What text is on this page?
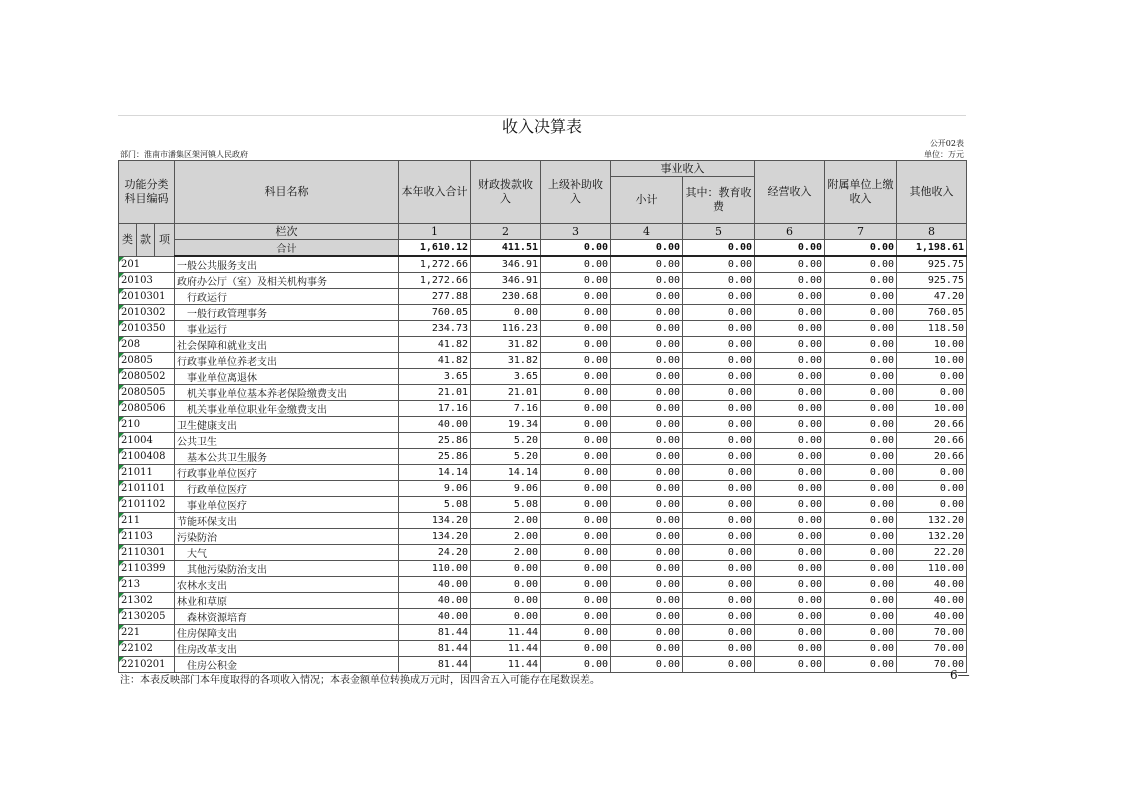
收入决算表
公开02表
部门：淮南市潘集区架河镇人民政府	单位：万元
功能分类科目编码			科目名称	本年收入合计	财政拨款收入	上级补助收入	事业收入		经营收入	附属单位上缴收入	其他收入
							小计	其中：教育收费			

类	款	项	栏次	1	2	3	4	5	6	7	8
			合计	1,610.12	411.51	0.00	0.00	0.00	0.00	0.00	1,198.61
201			一般公共服务支出	1,272.66	346.91	0.00	0.00	0.00	0.00	0.00	925.75
20103			政府办公厅（室）及相关机构事务	1,272.66	346.91	0.00	0.00	0.00	0.00	0.00	925.75
2010301			行政运行	277.88	230.68	0.00	0.00	0.00	0.00	0.00	47.20
2010302			一般行政管理事务	760.05	0.00	0.00	0.00	0.00	0.00	0.00	760.05
2010350			事业运行	234.73	116.23	0.00	0.00	0.00	0.00	0.00	118.50
208			社会保障和就业支出	41.82	31.82	0.00	0.00	0.00	0.00	0.00	10.00
20805			行政事业单位养老支出	41.82	31.82	0.00	0.00	0.00	0.00	0.00	10.00
2080502			事业单位离退休	3.65	3.65	0.00	0.00	0.00	0.00	0.00	0.00
2080505			机关事业单位基本养老保险缴费支出	21.01	21.01	0.00	0.00	0.00	0.00	0.00	0.00
2080506			机关事业单位职业年金缴费支出	17.16	7.16	0.00	0.00	0.00	0.00	0.00	10.00
210			卫生健康支出	40.00	19.34	0.00	0.00	0.00	0.00	0.00	20.66
21004			公共卫生	25.86	5.20	0.00	0.00	0.00	0.00	0.00	20.66
2100408			基本公共卫生服务	25.86	5.20	0.00	0.00	0.00	0.00	0.00	20.66
21011			行政事业单位医疗	14.14	14.14	0.00	0.00	0.00	0.00	0.00	0.00
2101101			行政单位医疗	9.06	9.06	0.00	0.00	0.00	0.00	0.00	0.00
2101102			事业单位医疗	5.08	5.08	0.00	0.00	0.00	0.00	0.00	0.00
211			节能环保支出	134.20	2.00	0.00	0.00	0.00	0.00	0.00	132.20
21103			污染防治	134.20	2.00	0.00	0.00	0.00	0.00	0.00	132.20
2110301			大气	24.20	2.00	0.00	0.00	0.00	0.00	0.00	22.20
2110399			其他污染防治支出	110.00	0.00	0.00	0.00	0.00	0.00	0.00	110.00
213			农林水支出	40.00	0.00	0.00	0.00	0.00	0.00	0.00	40.00
21302			林业和草原	40.00	0.00	0.00	0.00	0.00	0.00	0.00	40.00
2130205			森林资源培育	40.00	0.00	0.00	0.00	0.00	0.00	0.00	40.00
221			住房保障支出	81.44	11.44	0.00	0.00	0.00	0.00	0.00	70.00
22102			住房改革支出	81.44	11.44	0.00	0.00	0.00	0.00	0.00	70.00
2210201			住房公积金	81.44	11.44	0.00	0.00	0.00	0.00	0.00	70.00
注：本表反映部门本年度取得的各项收入情况；本表金额单位转换成万元时，因四舍五入可能存在尾数误差。	6—
